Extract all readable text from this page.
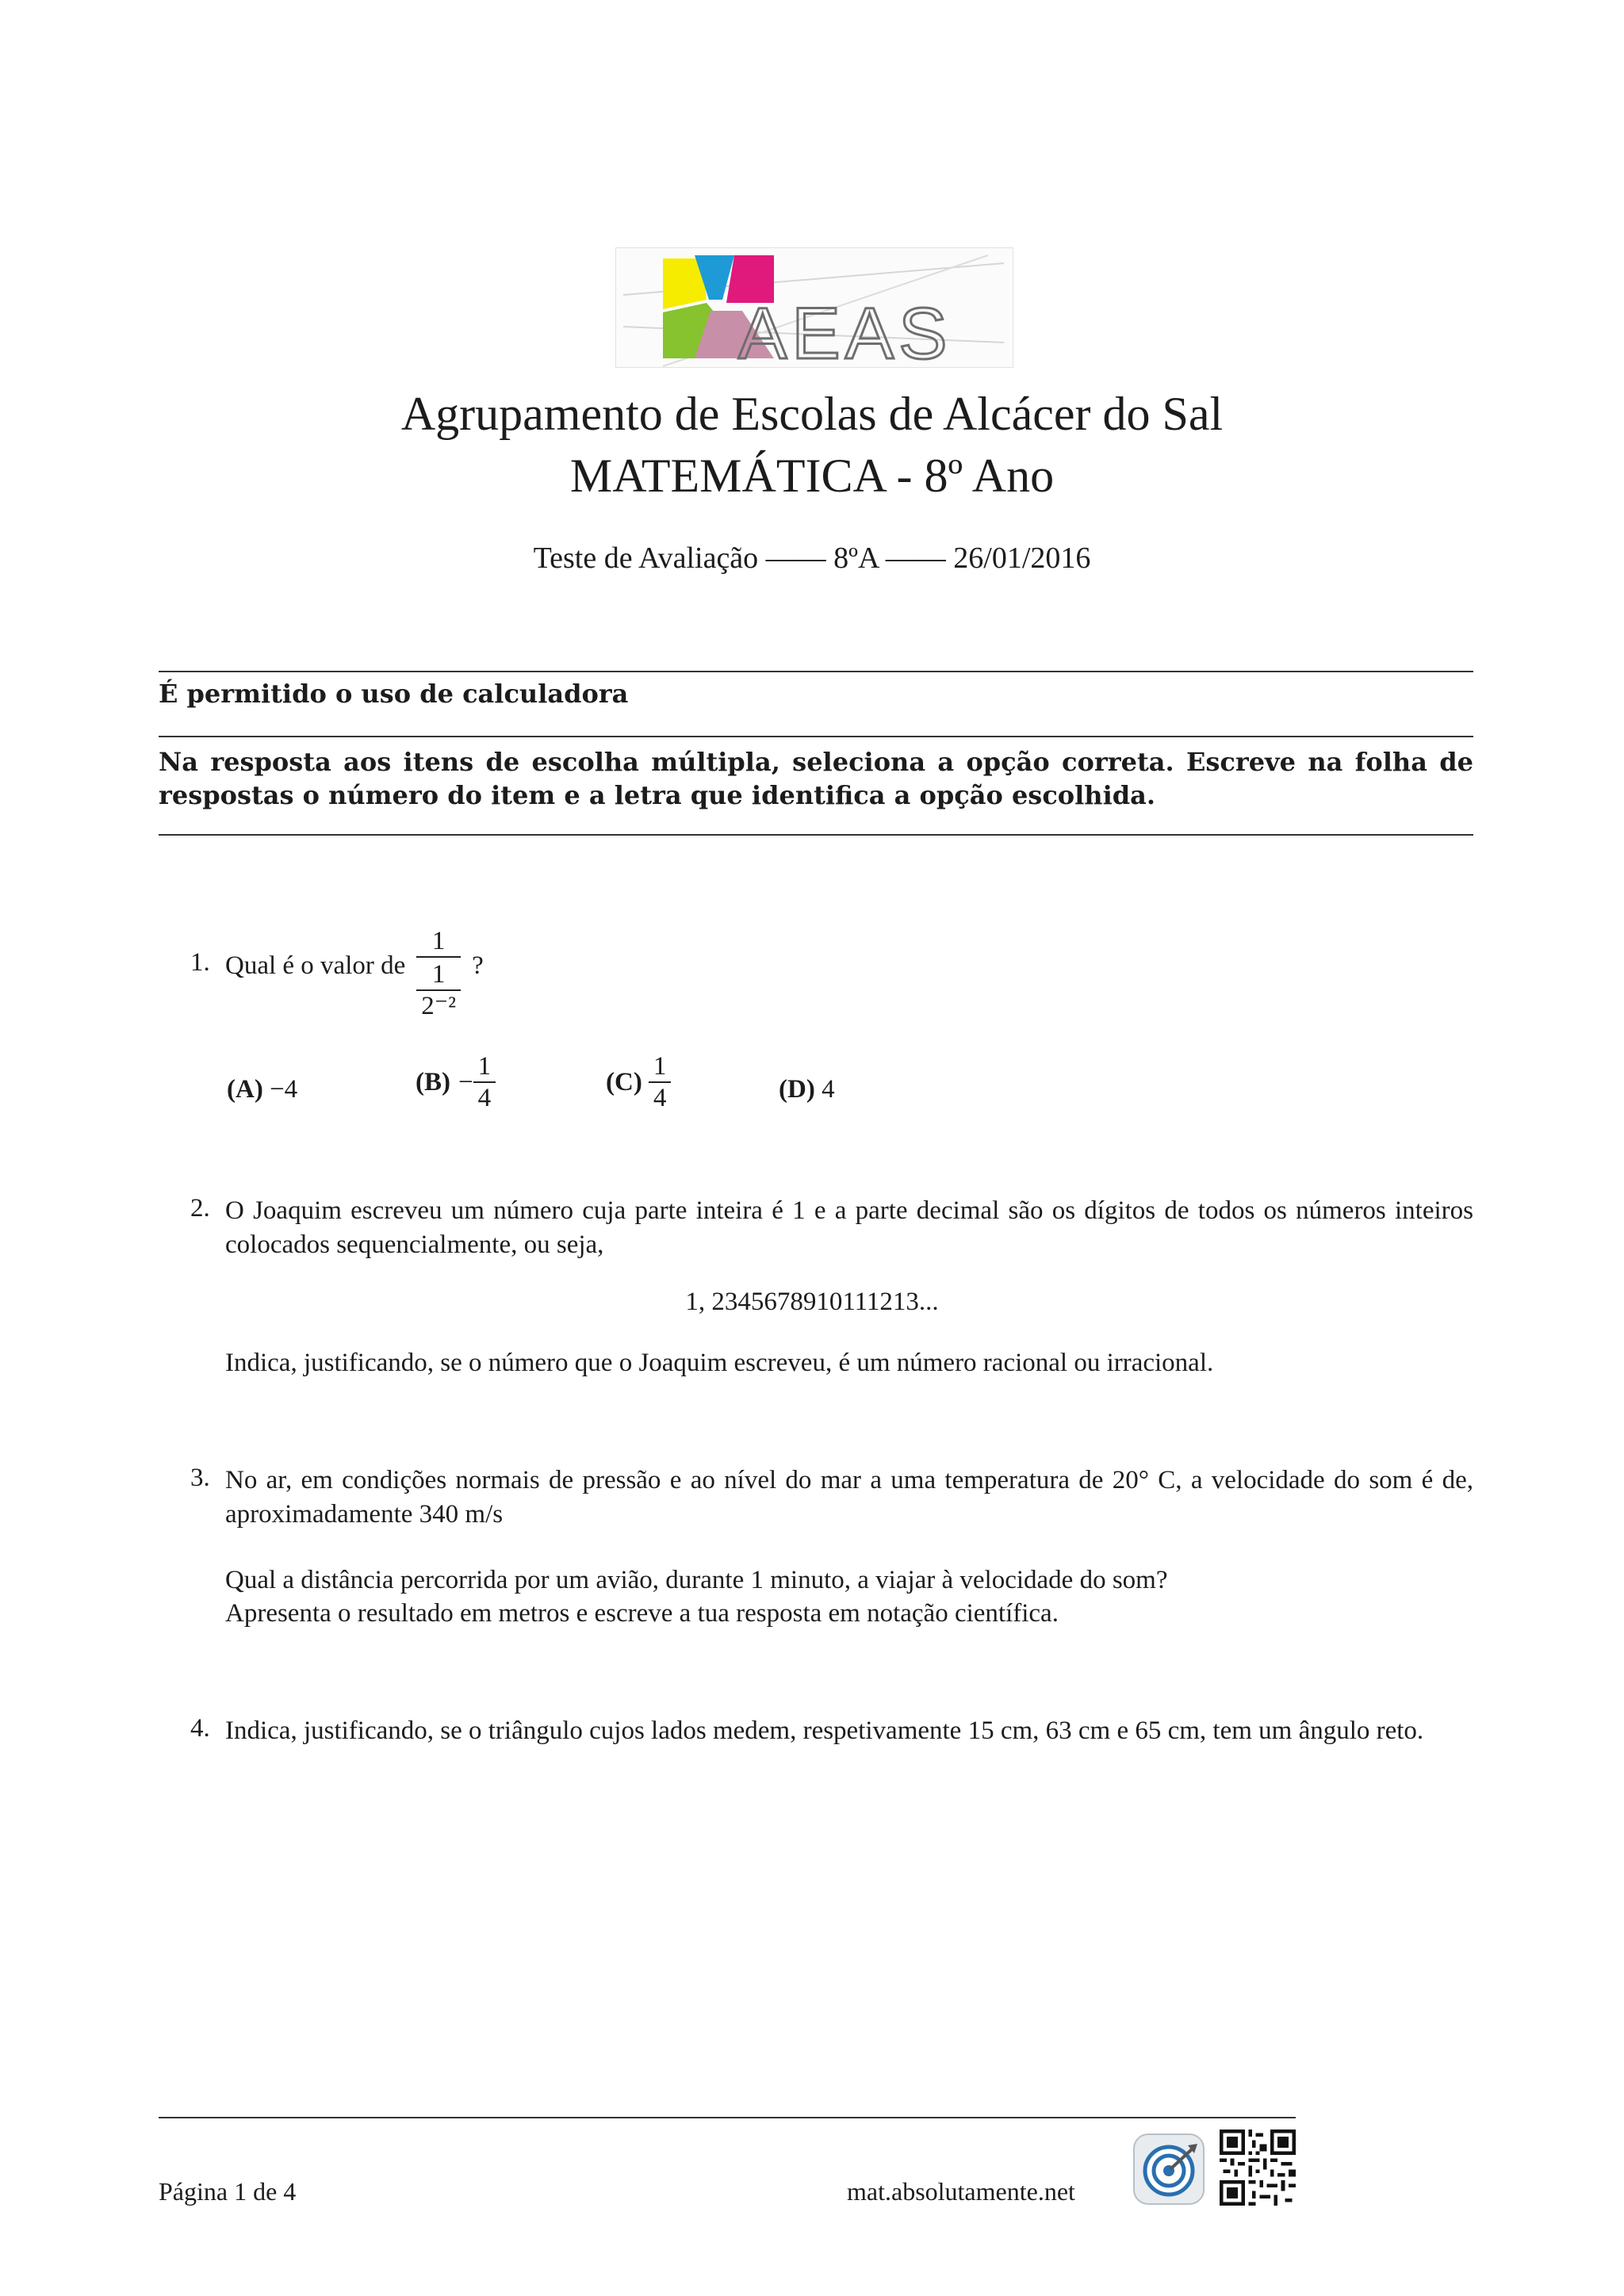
AEAS
Agrupamento de Escolas de Alcácer do Sal
MATEMÁTICA - 8º Ano
Teste de Avaliação —— 8ºA —— 26/01/2016
É permitido o uso de calculadora
Na resposta aos itens de escolha múltipla, seleciona a opção correta. Escreve na folha de respostas o número do item e a letra que identifica a opção escolhida.
1. Qual é o valor de $\frac{1}{\frac{1}{\text{2⁻²}}}$ ?
(A) −4	$(B) - \frac{1}{4}$	$(C) \frac{1}{4}$	(D) 4
2. O Joaquim escreveu um número cuja parte inteira é 1 e a parte decimal são os dígitos de todos os números inteiros colocados sequencialmente, ou seja,
1, 2345678910111213...
Indica, justificando, se o número que o Joaquim escreveu, é um número racional ou irracional.
3. No ar, em condições normais de pressão e ao nível do mar a uma temperatura de 20° C, a velocidade do som é de, aproximadamente 340 m/s
Qual a distância percorrida por um avião, durante 1 minuto, a viajar à velocidade do som?
Apresenta o resultado em metros e escreve a tua resposta em notação científica.
4. Indica, justificando, se o triângulo cujos lados medem, respetivamente 15 cm, 63 cm e 65 cm, tem um ângulo reto.
Página 1 de 4	mat.absolutamente.net
